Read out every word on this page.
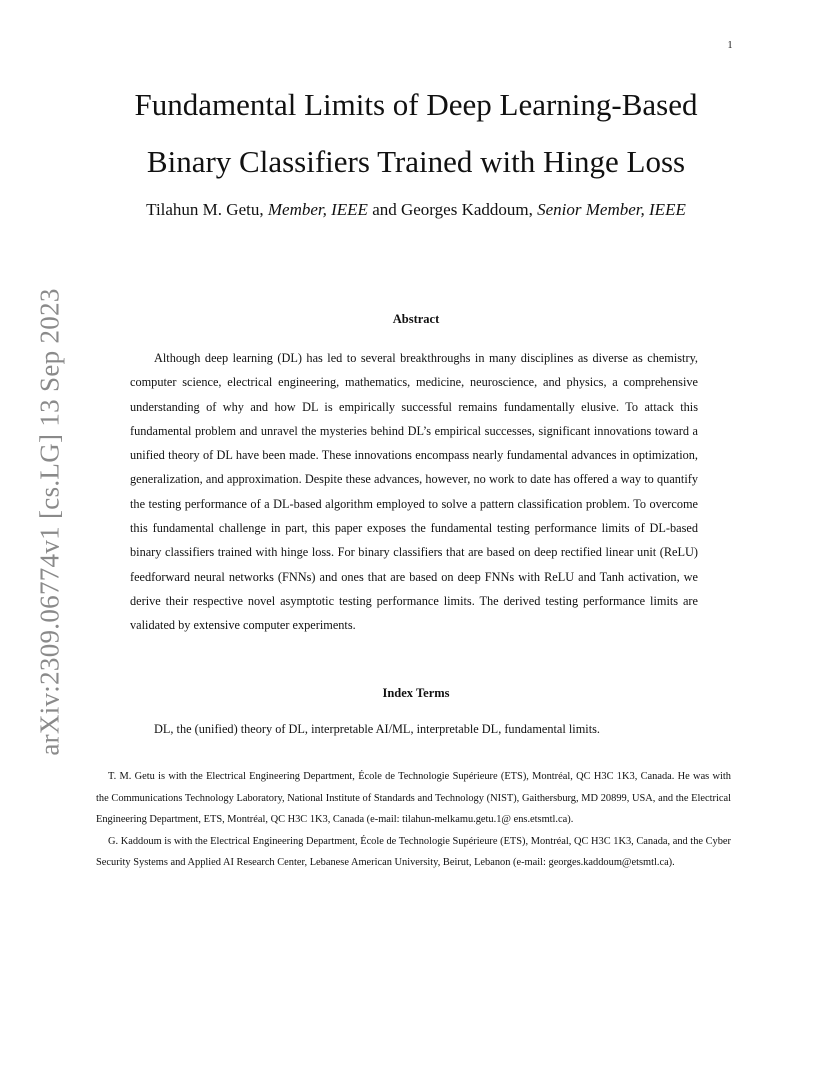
1
arXiv:2309.06774v1 [cs.LG] 13 Sep 2023
Fundamental Limits of Deep Learning-Based Binary Classifiers Trained with Hinge Loss
Tilahun M. Getu, Member, IEEE and Georges Kaddoum, Senior Member, IEEE
Abstract

Although deep learning (DL) has led to several breakthroughs in many disciplines as diverse as chemistry, computer science, electrical engineering, mathematics, medicine, neuroscience, and physics, a comprehensive understanding of why and how DL is empirically successful remains fundamentally elusive. To attack this fundamental problem and unravel the mysteries behind DL’s empirical successes, significant innovations toward a unified theory of DL have been made. These innovations encompass nearly fundamental advances in optimization, generalization, and approximation. Despite these advances, however, no work to date has offered a way to quantify the testing performance of a DL-based algorithm employed to solve a pattern classification problem. To overcome this fundamental challenge in part, this paper exposes the fundamental testing performance limits of DL-based binary classifiers trained with hinge loss. For binary classifiers that are based on deep rectified linear unit (ReLU) feedforward neural networks (FNNs) and ones that are based on deep FNNs with ReLU and Tanh activation, we derive their respective novel asymptotic testing performance limits. The derived testing performance limits are validated by extensive computer experiments.

Index Terms

DL, the (unified) theory of DL, interpretable AI/ML, interpretable DL, fundamental limits.

T. M. Getu is with the Electrical Engineering Department, École de Technologie Supérieure (ETS), Montréal, QC H3C 1K3, Canada. He was with the Communications Technology Laboratory, National Institute of Standards and Technology (NIST), Gaithersburg, MD 20899, USA, and the Electrical Engineering Department, ETS, Montréal, QC H3C 1K3, Canada (e-mail: tilahun-melkamu.getu.1@ ens.etsmtl.ca).

G. Kaddoum is with the Electrical Engineering Department, École de Technologie Supérieure (ETS), Montréal, QC H3C 1K3, Canada, and the Cyber Security Systems and Applied AI Research Center, Lebanese American University, Beirut, Lebanon (e-mail: georges.kaddoum@etsmtl.ca).
